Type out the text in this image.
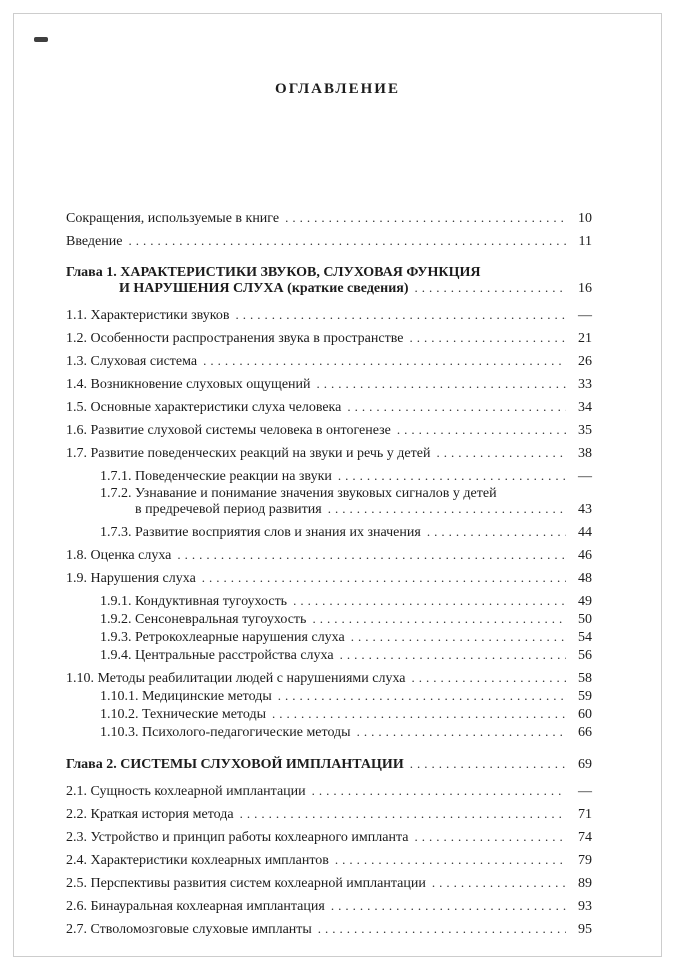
ОГЛАВЛЕНИЕ
Сокращения, используемые в книге .....	10
Введение .....	11
Глава 1. ХАРАКТЕРИСТИКИ ЗВУКОВ, СЛУХОВАЯ ФУНКЦИЯ
И НАРУШЕНИЯ СЛУХА (краткие сведения) .....	16
1.1. Характеристики звуков .....	—
1.2. Особенности распространения звука в пространстве .....	21
1.3. Слуховая система .....	26
1.4. Возникновение слуховых ощущений .....	33
1.5. Основные характеристики слуха человека .....	34
1.6. Развитие слуховой системы человека в онтогенезе .....	35
1.7. Развитие поведенческих реакций на звуки и речь у детей .....	38
1.7.1. Поведенческие реакции на звуки .....	—
1.7.2. Узнавание и понимание значения звуковых сигналов у детей
в предречевой период развития .....	43
1.7.3. Развитие восприятия слов и знания их значения .....	44
1.8. Оценка слуха .....	46
1.9. Нарушения слуха .....	48
1.9.1. Кондуктивная тугоухость .....	49
1.9.2. Сенсоневральная тугоухость .....	50
1.9.3. Ретрокохлеарные нарушения слуха .....	54
1.9.4. Центральные расстройства слуха .....	56
1.10. Методы реабилитации людей с нарушениями слуха .....	58
1.10.1. Медицинские методы .....	59
1.10.2. Технические методы .....	60
1.10.3. Психолого-педагогические методы .....	66
Глава 2. СИСТЕМЫ СЛУХОВОЙ ИМПЛАНТАЦИИ .....	69
2.1. Сущность кохлеарной имплантации .....	—
2.2. Краткая история метода .....	71
2.3. Устройство и принцип работы кохлеарного импланта .....	74
2.4. Характеристики кохлеарных имплантов .....	79
2.5. Перспективы развития систем кохлеарной имплантации .....	89
2.6. Бинауральная кохлеарная имплантация .....	93
2.7. Стволомозговые слуховые импланты .....	95
